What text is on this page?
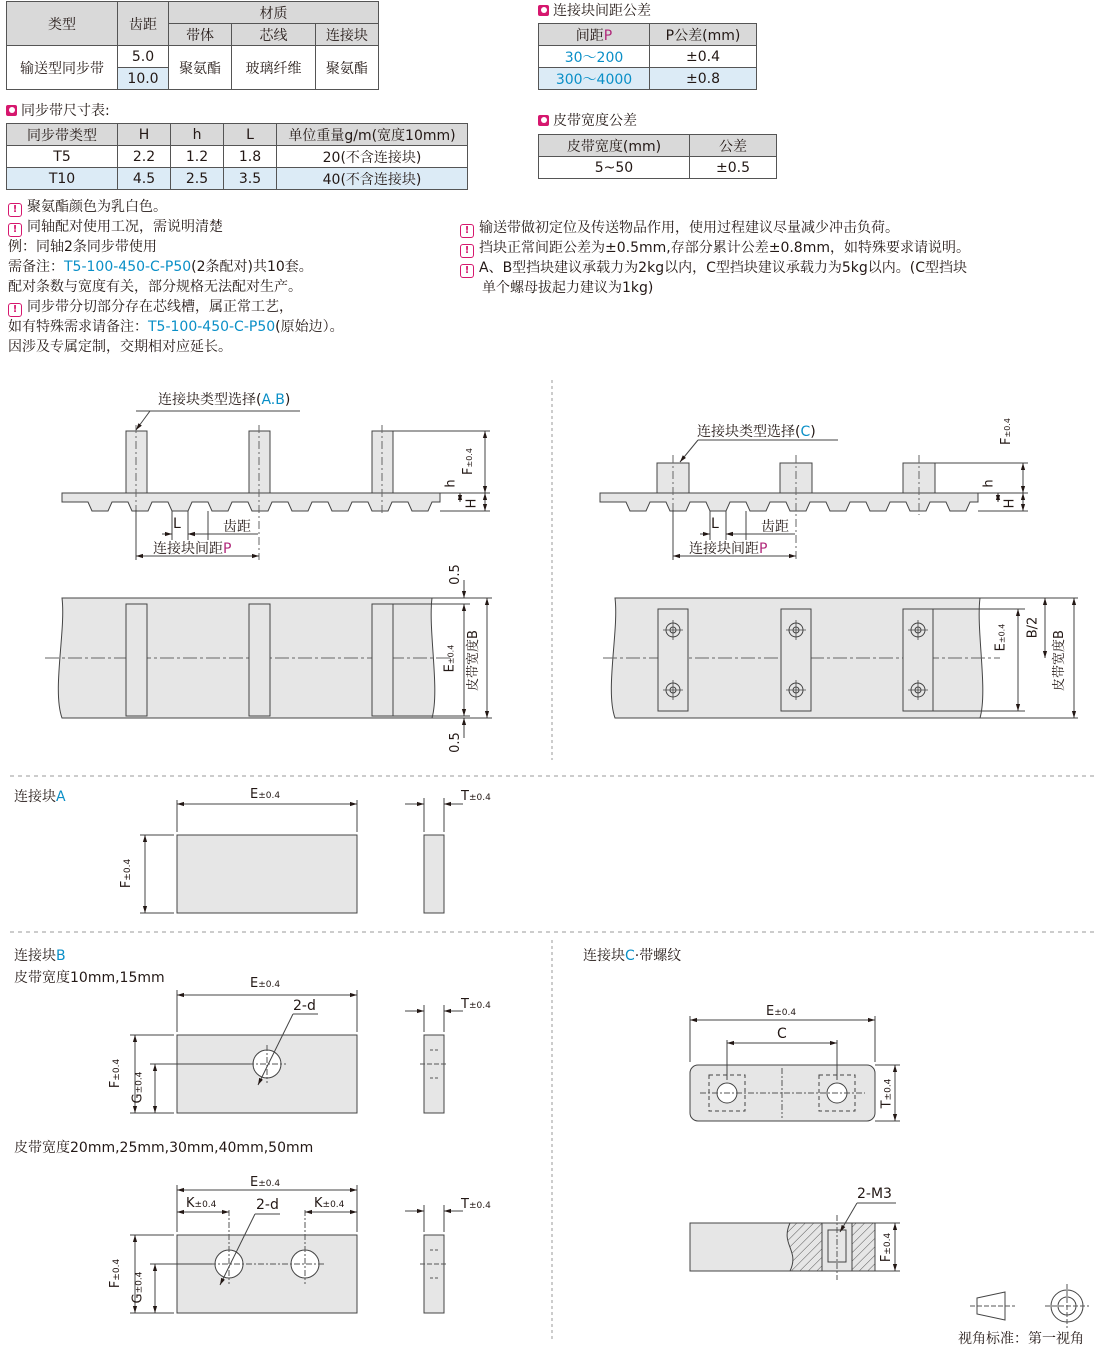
类型	齿距	材质		
		带体	芯线	连接块
输送型同步带	5.0	聚氨酯	玻璃纤维	聚氨酯
	10.0			
连接块间距公差
间距P	P公差(mm)
30～200	±0.4
300～4000	±0.8
皮带宽度公差
皮带宽度(mm)	公差
5~50	±0.5
同步带尺寸表:
同步带类型	H	h	L	单位重量g/m(宽度10mm)
T5	2.2	1.2	1.8	20(不含连接块)
T10	4.5	2.5	3.5	40(不含连接块)
! 聚氨酯颜色为乳白色。
! 同轴配对使用工况，需说明清楚
例：同轴2条同步带使用
需备注：T5-100-450-C-P50(2条配对)共10套。
配对条数与宽度有关，部分规格无法配对生产。
! 同步带分切部分存在芯线槽，属正常工艺，
如有特殊需求请备注：T5-100-450-C-P50(原始边）。
因涉及专属定制，交期相对应延长。
! 输送带做初定位及传送物品作用，使用过程建议尽量减少冲击负荷。
! 挡块正常间距公差为±0.5mm,存部分累计公差±0.8mm，如特殊要求请说明。
! A、B型挡块建议承载力为2kg以内，C型挡块建议承载力为5kg以内。(C型挡块
单个螺母拔起力建议为1kg)
连接块类型选择(A.B)
L	齿距
连接块间距P
h
H
F±0.4
0.5
0.5
E±0.4 皮带宽度B
连接块类型选择(C)
L	齿距
连接块间距P
h
H
F±0.4
E±0.4 B/2
皮带宽度B
连接块A	E±0.4	T±0.4
F±0.4
连接块B
皮带宽度10mm,15mm	E±0.4
2-d	T±0.4
F±0.4
G±0.4
皮带宽度20mm,25mm,30mm,40mm,50mm
E±0.4
K±0.4	2-d	K±0.4	T±0.4
F±0.4
G±0.4
连接块C·带螺纹
E±0.4
C
T±0.4
2-M3
F±0.4
视角标准：第一视角
